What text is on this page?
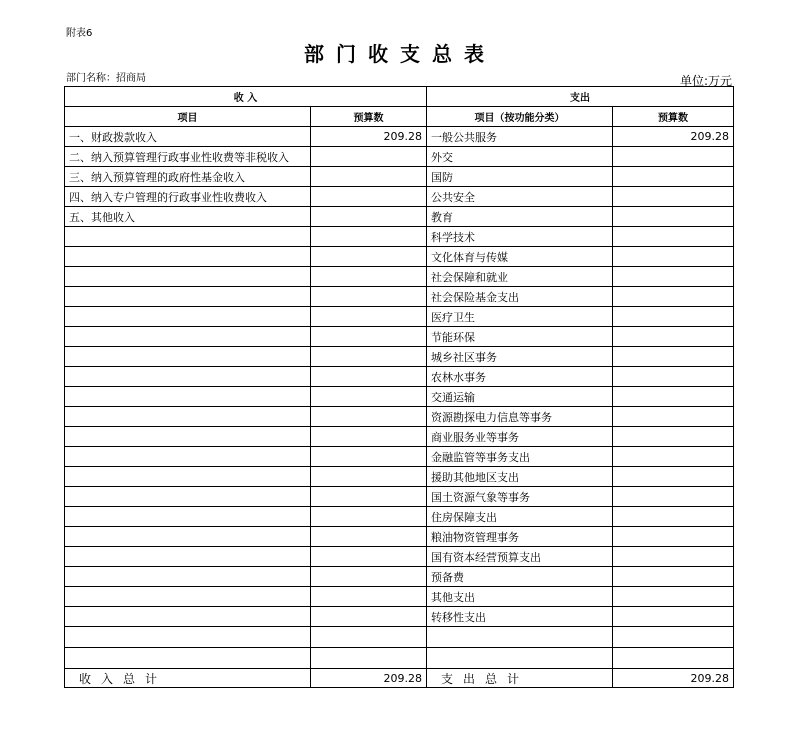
附表6
部门收支总表
部门名称：招商局	单位:万元
收 入		支出	
项目	预算数	项目（按功能分类）	预算数
一、财政拨款收入	209.28	一般公共服务	209.28
二、纳入预算管理行政事业性收费等非税收入		外交	
三、纳入预算管理的政府性基金收入		国防	
四、纳入专户管理的行政事业性收费收入		公共安全	
五、其他收入		教育	
		科学技术	
		文化体育与传媒	
		社会保障和就业	
		社会保险基金支出	
		医疗卫生	
		节能环保	
		城乡社区事务	
		农林水事务	
		交通运输	
		资源勘探电力信息等事务	
		商业服务业等事务	
		金融监管等事务支出	
		援助其他地区支出	
		国土资源气象等事务	
		住房保障支出	
		粮油物资管理事务	
		国有资本经营预算支出	
		预备费	
		其他支出	
		转移性支出	

收入总计	209.28	支出总计	209.28
